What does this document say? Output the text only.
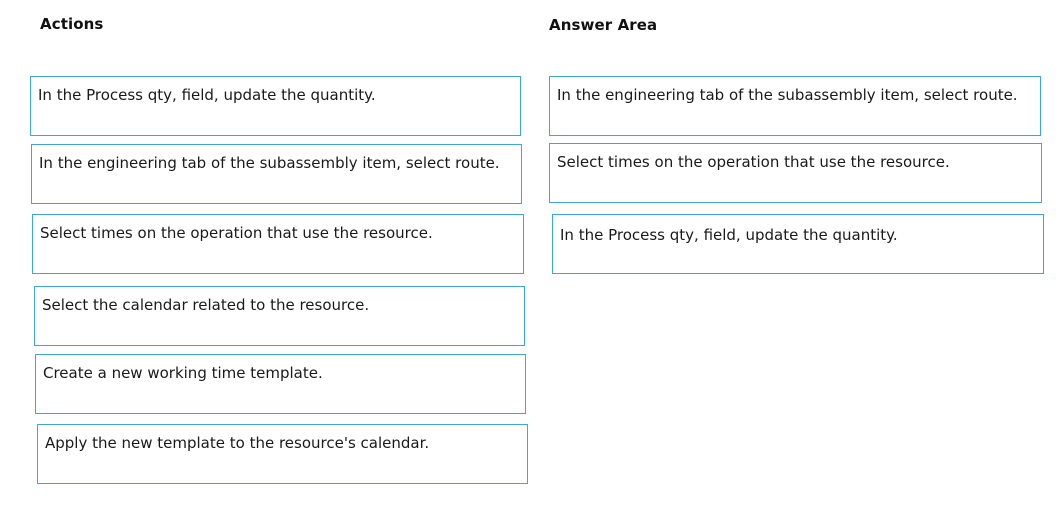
Actions	Answer Area
In the Process qty, field, update the quantity.
In the engineering tab of the subassembly item, select route.
Select times on the operation that use the resource.
Select the calendar related to the resource.
Create a new working time template.
Apply the new template to the resource's calendar.
In the engineering tab of the subassembly item, select route.
Select times on the operation that use the resource.
In the Process qty, field, update the quantity.
